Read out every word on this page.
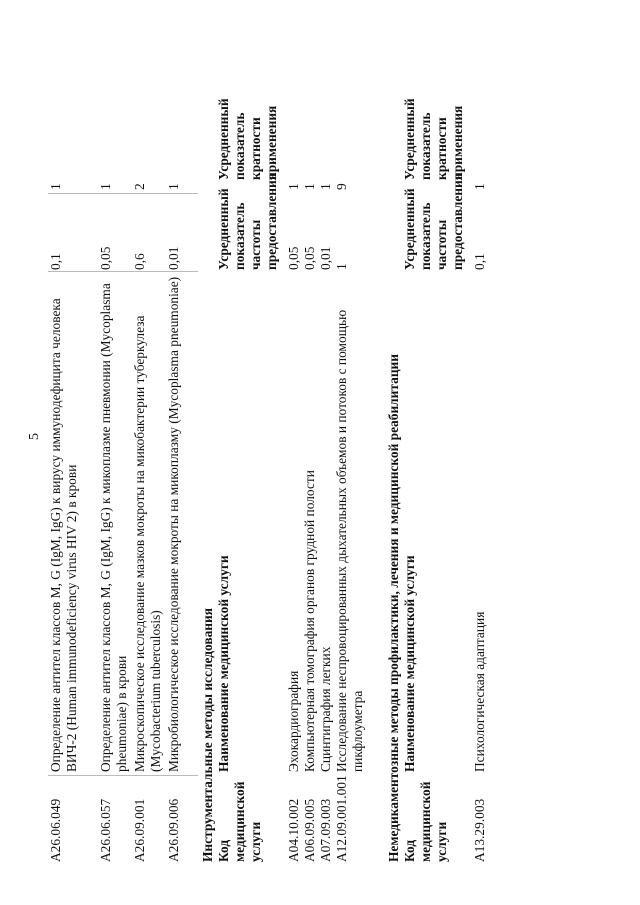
5
A26.06.049
Определение антител классов M, G (IgM, IgG) к вирусу иммунодефицита человека ВИЧ-2 (Human immunodeficiency virus HIV 2) в крови
0,1
1
A26.06.057
Определение антител классов M, G (IgM, IgG) к микоплазме пневмонии (Mycoplasma pheumoniae) в крови
0,05
1
A26.09.001
Микроскопическое исследование мазков мокроты на микобактерии туберкулеза (Mycobacterium tuberculosis)
0,6
2
A26.09.006
Микробиологическое исследование мокроты на микоплазму (Mycoplasma pneumoniae)
0,01
1
Инструментальные методы исследования Код медицинской услуги
Наименование медицинской услуги
Усредненный показатель частоты предоставления
Усредненный показатель кратности применения
A04.10.002
Эхокардиография
0,05
1
A06.09.005
Компьютерная томография органов грудной полости
0,05
1
A07.09.003
Сцинтиграфия легких
0,01
1
A12.09.001.001
Исследование неспровоцированных дыхательных объемов и потоков с помощью пикфлоуметра
1
9
Немедикаментозные методы профилактики, лечения и медицинской реабилитации Код медицинской услуги
Наименование медицинской услуги
Усредненный показатель частоты предоставления
Усредненный показатель кратности применения
A13.29.003
Психологическая адаптация
0,1
1
